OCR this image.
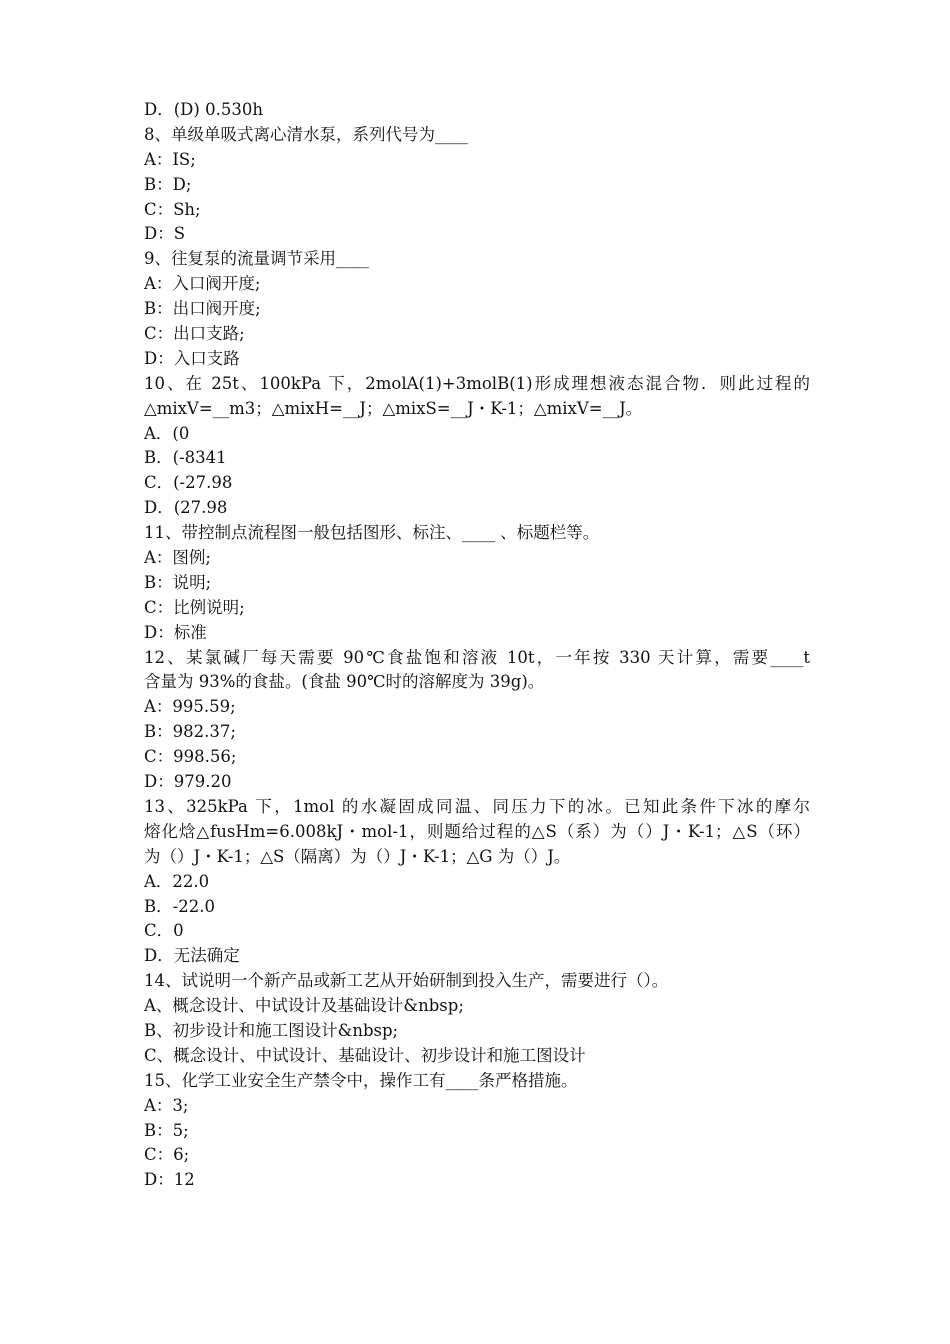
D．(D) 0.530h
8、单级单吸式离心清水泵，系列代号为____
A：IS;
B：D;
C：Sh;
D：S
9、往复泵的流量调节采用____
A：入口阀开度;
B：出口阀开度;
C：出口支路;
D：入口支路
10、在 25t、100kPa 下，2molA(1)+3molB(1)形成理想液态混合物．则此过程的
△mixV=__m3；△mixH=__J；△mixS=__J・K-1；△mixV=__J。
A．(0
B．(-8341
C．(-27.98
D．(27.98
11、带控制点流程图一般包括图形、标注、____ 、标题栏等。
A：图例;
B：说明;
C：比例说明;
D：标准
12、某氯碱厂每天需要 90℃食盐饱和溶液 10t，一年按 330 天计算，需要____t
含量为 93%的食盐。(食盐 90℃时的溶解度为 39g)。
A：995.59;
B：982.37;
C：998.56;
D：979.20
13、325kPa 下，1mol 的水凝固成同温、同压力下的冰。已知此条件下冰的摩尔
熔化焓△fusHm=6.008kJ・mol-1，则题给过程的△S（系）为（）J・K-1；△S（环）
为（）J・K-1；△S（隔离）为（）J・K-1；△G 为（）J。
A．22.0
B．-22.0
C．0
D．无法确定
14、试说明一个新产品或新工艺从开始研制到投入生产，需要进行（）。
A、概念设计、中试设计及基础设计&nbsp;
B、初步设计和施工图设计&nbsp;
C、概念设计、中试设计、基础设计、初步设计和施工图设计
15、化学工业安全生产禁令中，操作工有____条严格措施。
A：3;
B：5;
C：6;
D：12
